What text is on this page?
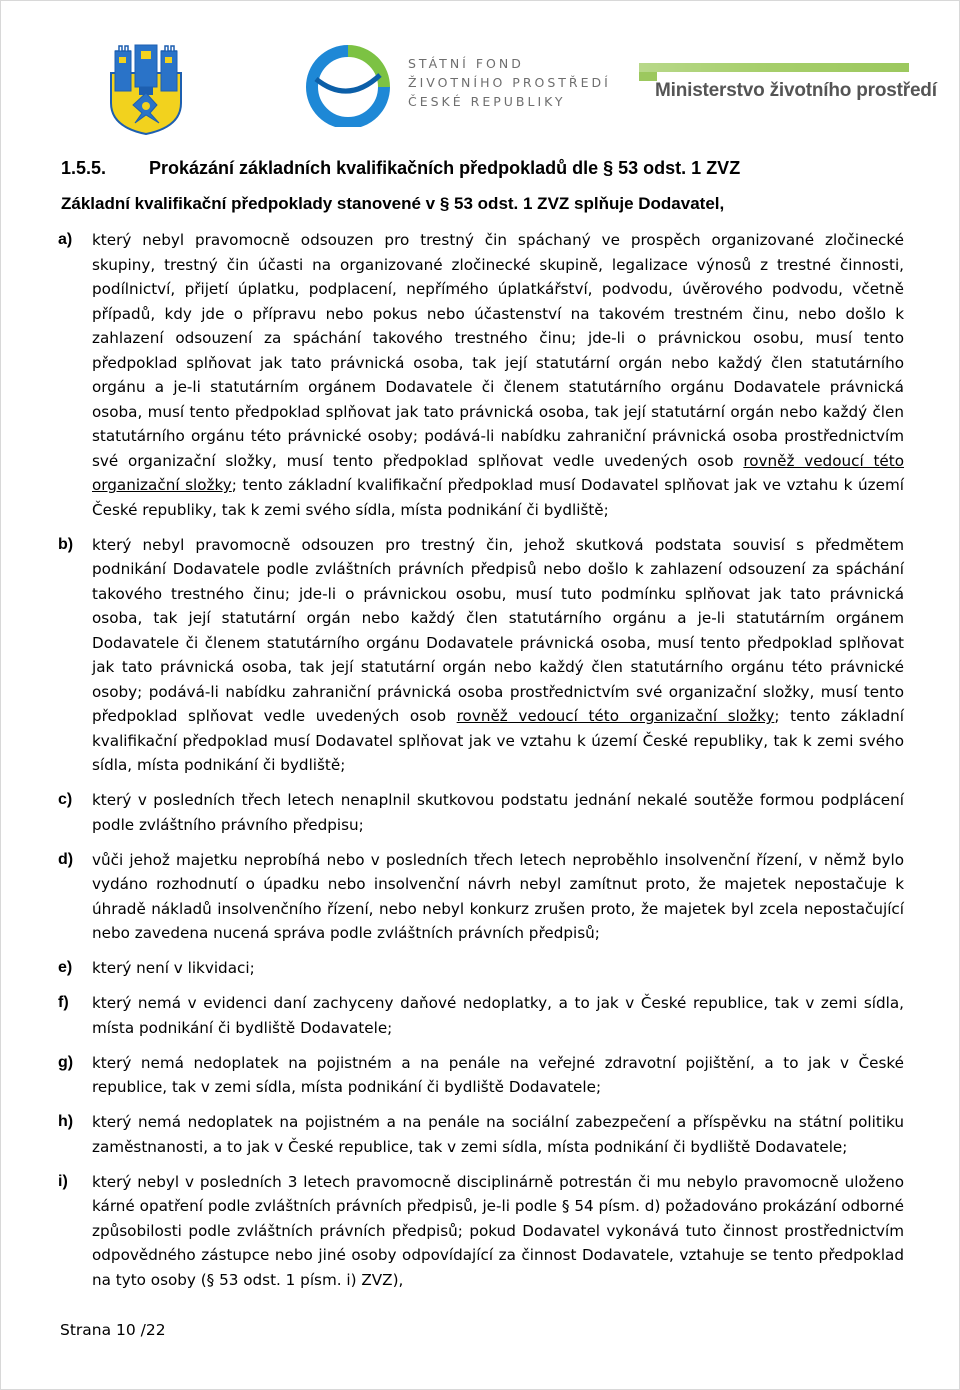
STÁTNÍ FOND
ŽIVOTNÍHO PROSTŘEDÍ
ČESKÉ REPUBLIKY
Ministerstvo životního prostředí
1.5.5. Prokázání základních kvalifikačních předpokladů dle § 53 odst. 1 ZVZ
Základní kvalifikační předpoklady stanovené v § 53 odst. 1 ZVZ splňuje Dodavatel,
a) který nebyl pravomocně odsouzen pro trestný čin spáchaný ve prospěch organizované zločinecké skupiny, trestný čin účasti na organizované zločinecké skupině, legalizace výnosů z trestné činnosti, podílnictví, přijetí úplatku, podplacení, nepřímého úplatkářství, podvodu, úvěrového podvodu, včetně případů, kdy jde o přípravu nebo pokus nebo účastenství na takovém trestném činu, nebo došlo k zahlazení odsouzení za spáchání takového trestného činu; jde-li o právnickou osobu, musí tento předpoklad splňovat jak tato právnická osoba, tak její statutární orgán nebo každý člen statutárního orgánu a je-li statutárním orgánem Dodavatele či členem statutárního orgánu Dodavatele právnická osoba, musí tento předpoklad splňovat jak tato právnická osoba, tak její statutární orgán nebo každý člen statutárního orgánu této právnické osoby; podává-li nabídku zahraniční právnická osoba prostřednictvím své organizační složky, musí tento předpoklad splňovat vedle uvedených osob rovněž vedoucí této organizační složky; tento základní kvalifikační předpoklad musí Dodavatel splňovat jak ve vztahu k území České republiky, tak k zemi svého sídla, místa podnikání či bydliště;
b) který nebyl pravomocně odsouzen pro trestný čin, jehož skutková podstata souvisí s předmětem podnikání Dodavatele podle zvláštních právních předpisů nebo došlo k zahlazení odsouzení za spáchání takového trestného činu; jde-li o právnickou osobu, musí tuto podmínku splňovat jak tato právnická osoba, tak její statutární orgán nebo každý člen statutárního orgánu a je-li statutárním orgánem Dodavatele či členem statutárního orgánu Dodavatele právnická osoba, musí tento předpoklad splňovat jak tato právnická osoba, tak její statutární orgán nebo každý člen statutárního orgánu této právnické osoby; podává-li nabídku zahraniční právnická osoba prostřednictvím své organizační složky, musí tento předpoklad splňovat vedle uvedených osob rovněž vedoucí této organizační složky; tento základní kvalifikační předpoklad musí Dodavatel splňovat jak ve vztahu k území České republiky, tak k zemi svého sídla, místa podnikání či bydliště;
c) který v posledních třech letech nenaplnil skutkovou podstatu jednání nekalé soutěže formou podplácení podle zvláštního právního předpisu;
d) vůči jehož majetku neprobíhá nebo v posledních třech letech neproběhlo insolvenční řízení, v němž bylo vydáno rozhodnutí o úpadku nebo insolvenční návrh nebyl zamítnut proto, že majetek nepostačuje k úhradě nákladů insolvenčního řízení, nebo nebyl konkurz zrušen proto, že majetek byl zcela nepostačující nebo zavedena nucená správa podle zvláštních právních předpisů;
e) který není v likvidaci;
f) který nemá v evidenci daní zachyceny daňové nedoplatky, a to jak v České republice, tak v zemi sídla, místa podnikání či bydliště Dodavatele;
g) který nemá nedoplatek na pojistném a na penále na veřejné zdravotní pojištění, a to jak v České republice, tak v zemi sídla, místa podnikání či bydliště Dodavatele;
h) který nemá nedoplatek na pojistném a na penále na sociální zabezpečení a příspěvku na státní politiku zaměstnanosti, a to jak v České republice, tak v zemi sídla, místa podnikání či bydliště Dodavatele;
i) který nebyl v posledních 3 letech pravomocně disciplinárně potrestán či mu nebylo pravomocně uloženo kárné opatření podle zvláštních právních předpisů, je-li podle § 54 písm. d) požadováno prokázání odborné způsobilosti podle zvláštních právních předpisů; pokud Dodavatel vykonává tuto činnost prostřednictvím odpovědného zástupce nebo jiné osoby odpovídající za činnost Dodavatele, vztahuje se tento předpoklad na tyto osoby (§ 53 odst. 1 písm. i) ZVZ),
Strana 10 /22
